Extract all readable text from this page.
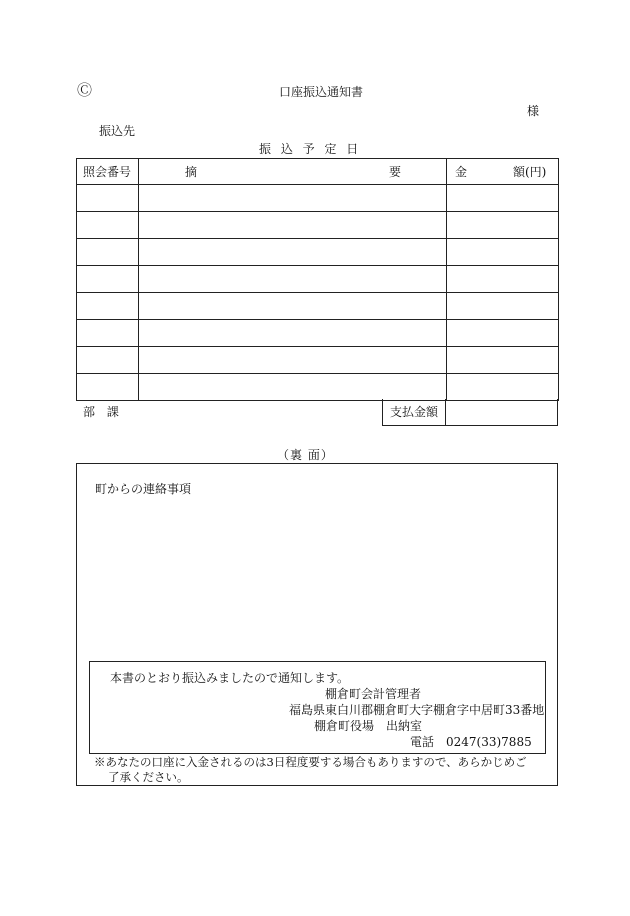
Ⓒ	口座振込通知書
様
振込先
振 込 予 定 日
照会番号	摘 要	金 額(円)

部 課	支払金額
（裏 面）
町からの連絡事項
本書のとおり振込みましたので通知します。
棚倉町会計管理者
福島県東白川郡棚倉町大字棚倉字中居町33番地
棚倉町役場　出納室
電話　0247(33)7885
※あなたの口座に入金されるのは3日程度要する場合もありますので、あらかじめご
了承ください。
